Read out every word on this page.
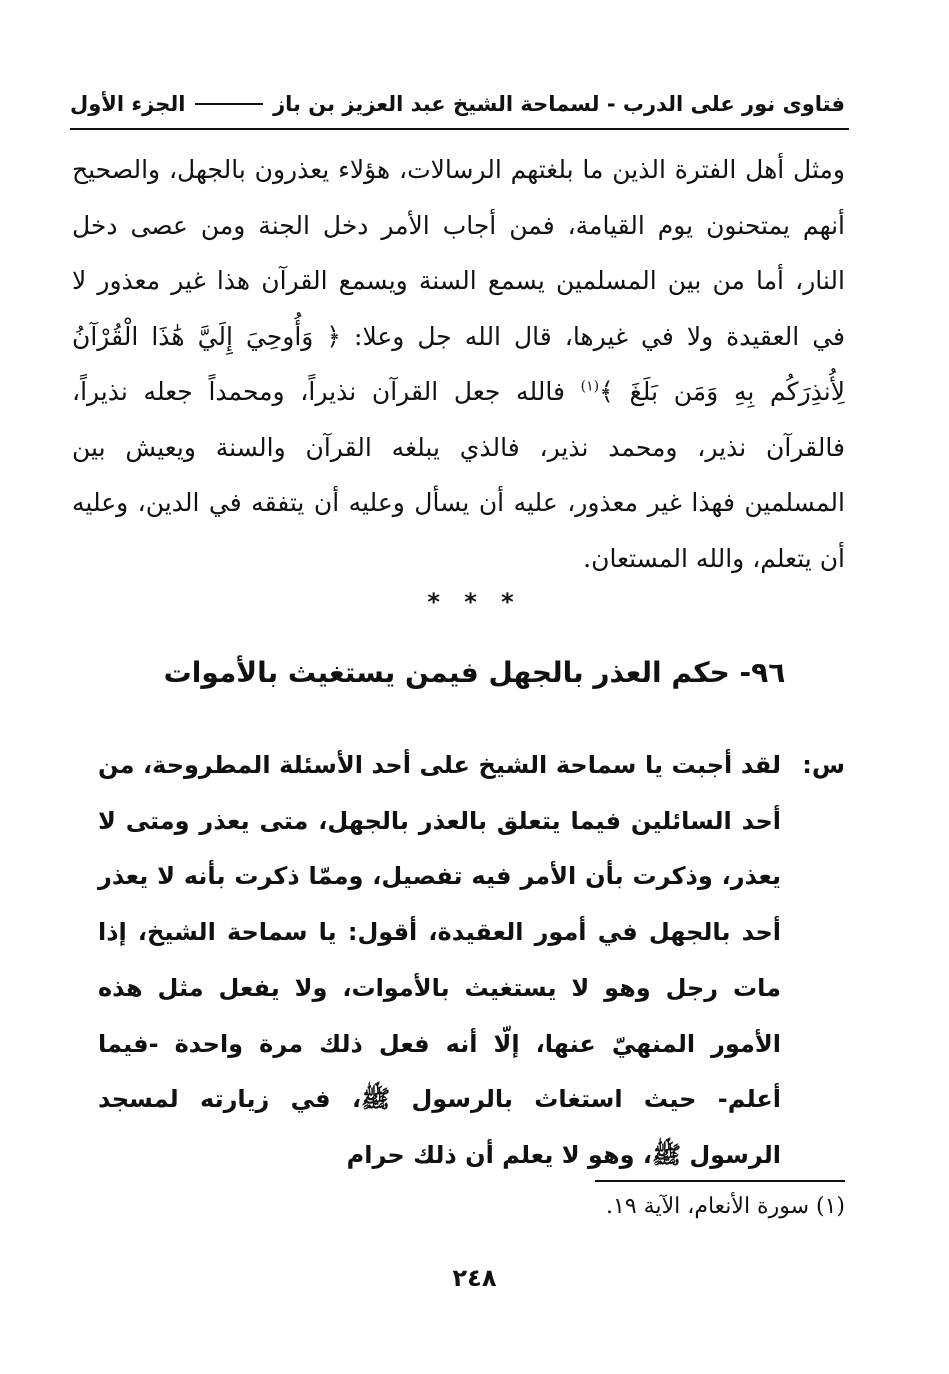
فتاوى نور على الدرب - لسماحة الشيخ عبد العزيز بن باز
الجزء الأول
ومثل أهل الفترة الذين ما بلغتهم الرسالات، هؤلاء يعذرون بالجهل، والصحيح أنهم يمتحنون يوم القيامة، فمن أجاب الأمر دخل الجنة ومن عصى دخل النار، أما من بين المسلمين يسمع السنة ويسمع القرآن هذا غير معذور لا في العقيدة ولا في غيرها، قال الله جل وعلا: ﴿ وَأُوحِيَ إِلَيَّ هَٰذَا الْقُرْآنُ لِأُنذِرَكُم بِهِ وَمَن بَلَغَ ﴾$^{(١)}$ فالله جعل القرآن نذيراً، ومحمداً جعله نذيراً، فالقرآن نذير، ومحمد نذير، فالذي يبلغه القرآن والسنة ويعيش بين المسلمين فهذا غير معذور، عليه أن يسأل وعليه أن يتفقه في الدين، وعليه أن يتعلم، والله المستعان.
* * *
٩٦- حكم العذر بالجهل فيمن يستغيث بالأموات
س:
لقد أجبت يا سماحة الشيخ على أحد الأسئلة المطروحة، من أحد السائلين فيما يتعلق بالعذر بالجهل، متى يعذر ومتى لا يعذر، وذكرت بأن الأمر فيه تفصيل، وممّا ذكرت بأنه لا يعذر أحد بالجهل في أمور العقيدة، أقول: يا سماحة الشيخ، إذا مات رجل وهو لا يستغيث بالأموات، ولا يفعل مثل هذه الأمور المنهيّ عنها، إلّا أنه فعل ذلك مرة واحدة -فيما أعلم- حيث استغاث بالرسول ﷺ، في زيارته لمسجد الرسول ﷺ، وهو لا يعلم أن ذلك حرام
(١) سورة الأنعام، الآية ١٩.
٢٤٨
